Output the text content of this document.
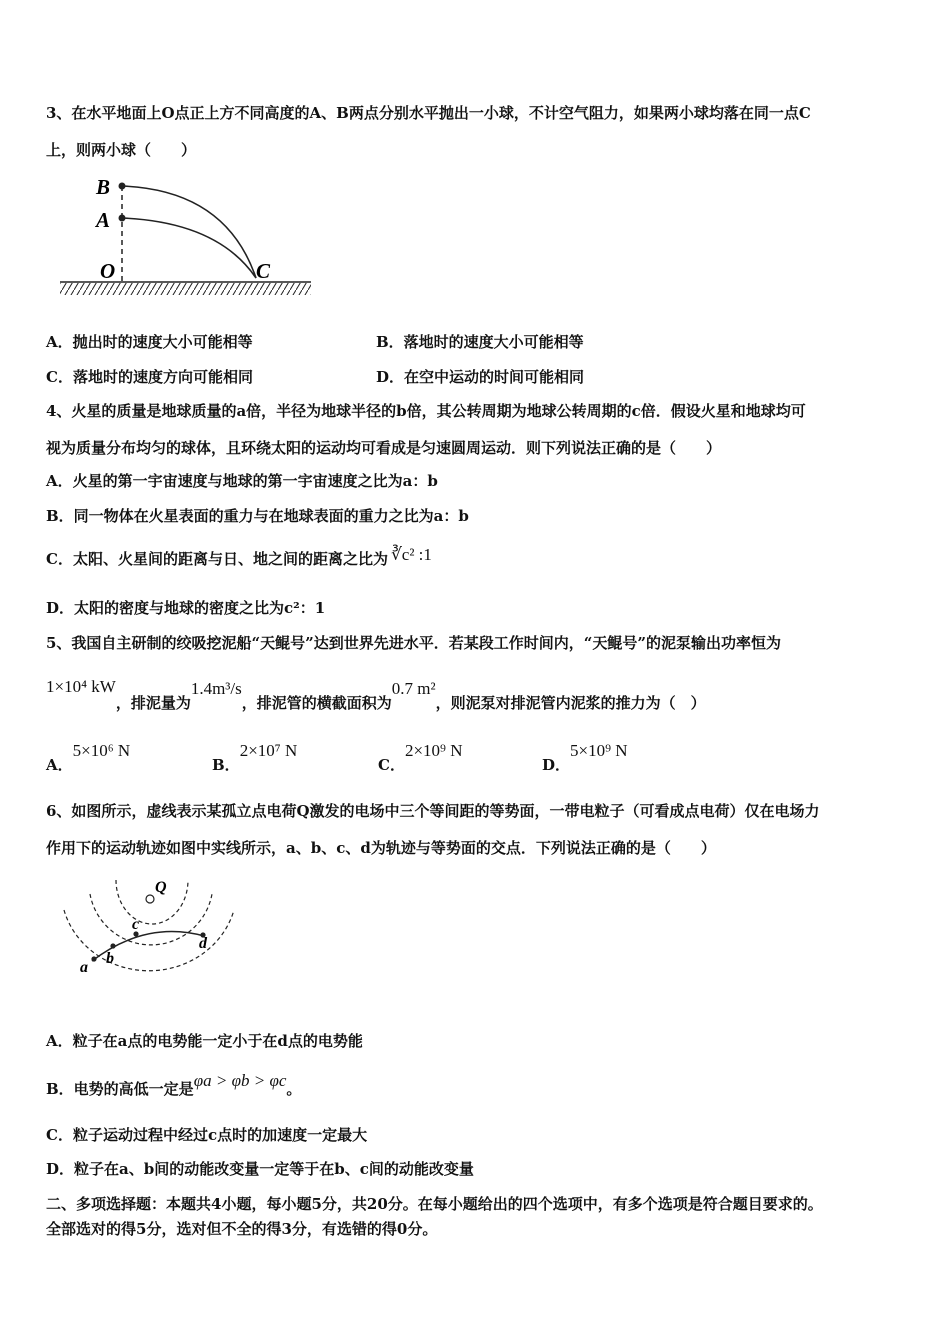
3、在水平地面上O点正上方不同高度的A、B两点分别水平抛出一小球，不计空气阻力，如果两小球均落在同一点C
上，则两小球（　　）
B
A
O	C
A．抛出时的速度大小可能相等	B．落地时的速度大小可能相等
C．落地时的速度方向可能相同	D．在空中运动的时间可能相同
4、火星的质量是地球质量的a倍，半径为地球半径的b倍，其公转周期为地球公转周期的c倍．假设火星和地球均可
视为质量分布均匀的球体，且环绕太阳的运动均可看成是匀速圆周运动．则下列说法正确的是（　　）
A．火星的第一宇宙速度与地球的第一宇宙速度之比为a：b
B．同一物体在火星表面的重力与在地球表面的重力之比为a：b
C．太阳、火星间的距离与日、地之间的距离之比为 ∛c² :1
D．太阳的密度与地球的密度之比为c²：1
5、我国自主研制的绞吸挖泥船“天鲲号”达到世界先进水平．若某段工作时间内，“天鲲号”的泥泵输出功率恒为
1×10⁴ kW，排泥量为1.4m³/s，排泥管的横截面积为0.7 m²，则泥泵对排泥管内泥浆的推力为（　）
A．5×10⁶ N
B．2×10⁷ N
C．2×10⁹ N
D．5×10⁹ N
6、如图所示，虚线表示某孤立点电荷Q激发的电场中三个等间距的等势面，一带电粒子（可看成点电荷）仅在电场力
作用下的运动轨迹如图中实线所示，a、b、c、d为轨迹与等势面的交点．下列说法正确的是（　　）
Q
a
b
c
d
A．粒子在a点的电势能一定小于在d点的电势能
B．电势的高低一定是φa > φb > φc。
C．粒子运动过程中经过c点时的加速度一定最大
D．粒子在a、b间的动能改变量一定等于在b、c间的动能改变量
二、多项选择题：本题共4小题，每小题5分，共20分。在每小题给出的四个选项中，有多个选项是符合题目要求的。
全部选对的得5分，选对但不全的得3分，有选错的得0分。
